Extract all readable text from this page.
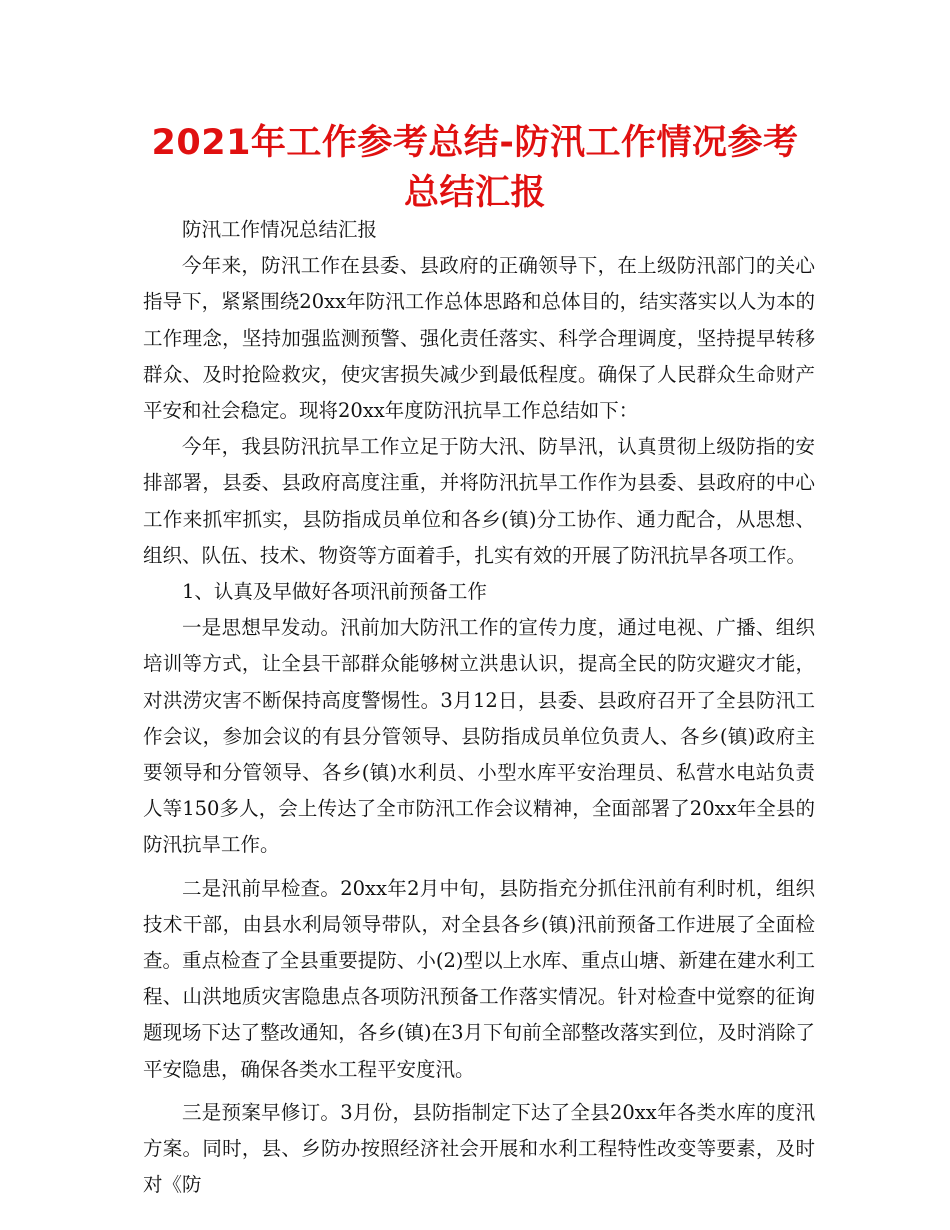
2021年工作参考总结-防汛工作情况参考总结汇报

防汛工作情况总结汇报

今年来，防汛工作在县委、县政府的正确领导下，在上级防汛部门的关心指导下，紧紧围绕20xx年防汛工作总体思路和总体目的，结实落实以人为本的工作理念，坚持加强监测预警、强化责任落实、科学合理调度，坚持提早转移群众、及时抢险救灾，使灾害损失减少到最低程度。确保了人民群众生命财产平安和社会稳定。现将20xx年度防汛抗旱工作总结如下：

今年，我县防汛抗旱工作立足于防大汛、防旱汛，认真贯彻上级防指的安排部署，县委、县政府高度注重，并将防汛抗旱工作作为县委、县政府的中心工作来抓牢抓实，县防指成员单位和各乡(镇)分工协作、通力配合，从思想、组织、队伍、技术、物资等方面着手，扎实有效的开展了防汛抗旱各项工作。

1、认真及早做好各项汛前预备工作

一是思想早发动。汛前加大防汛工作的宣传力度，通过电视、广播、组织培训等方式，让全县干部群众能够树立洪患认识，提高全民的防灾避灾才能，对洪涝灾害不断保持高度警惕性。3月12日，县委、县政府召开了全县防汛工作会议，参加会议的有县分管领导、县防指成员单位负责人、各乡(镇)政府主要领导和分管领导、各乡(镇)水利员、小型水库平安治理员、私营水电站负责人等150多人，会上传达了全市防汛工作会议精神，全面部署了20xx年全县的防汛抗旱工作。

二是汛前早检查。20xx年2月中旬，县防指充分抓住汛前有利时机，组织技术干部，由县水利局领导带队，对全县各乡(镇)汛前预备工作进展了全面检查。重点检查了全县重要提防、小(2)型以上水库、重点山塘、新建在建水利工程、山洪地质灾害隐患点各项防汛预备工作落实情况。针对检查中觉察的征询题现场下达了整改通知，各乡(镇)在3月下旬前全部整改落实到位，及时消除了平安隐患，确保各类水工程平安度汛。

三是预案早修订。3月份，县防指制定下达了全县20xx年各类水库的度汛方案。同时，县、乡防办按照经济社会开展和水利工程特性改变等要素，及时对《防
